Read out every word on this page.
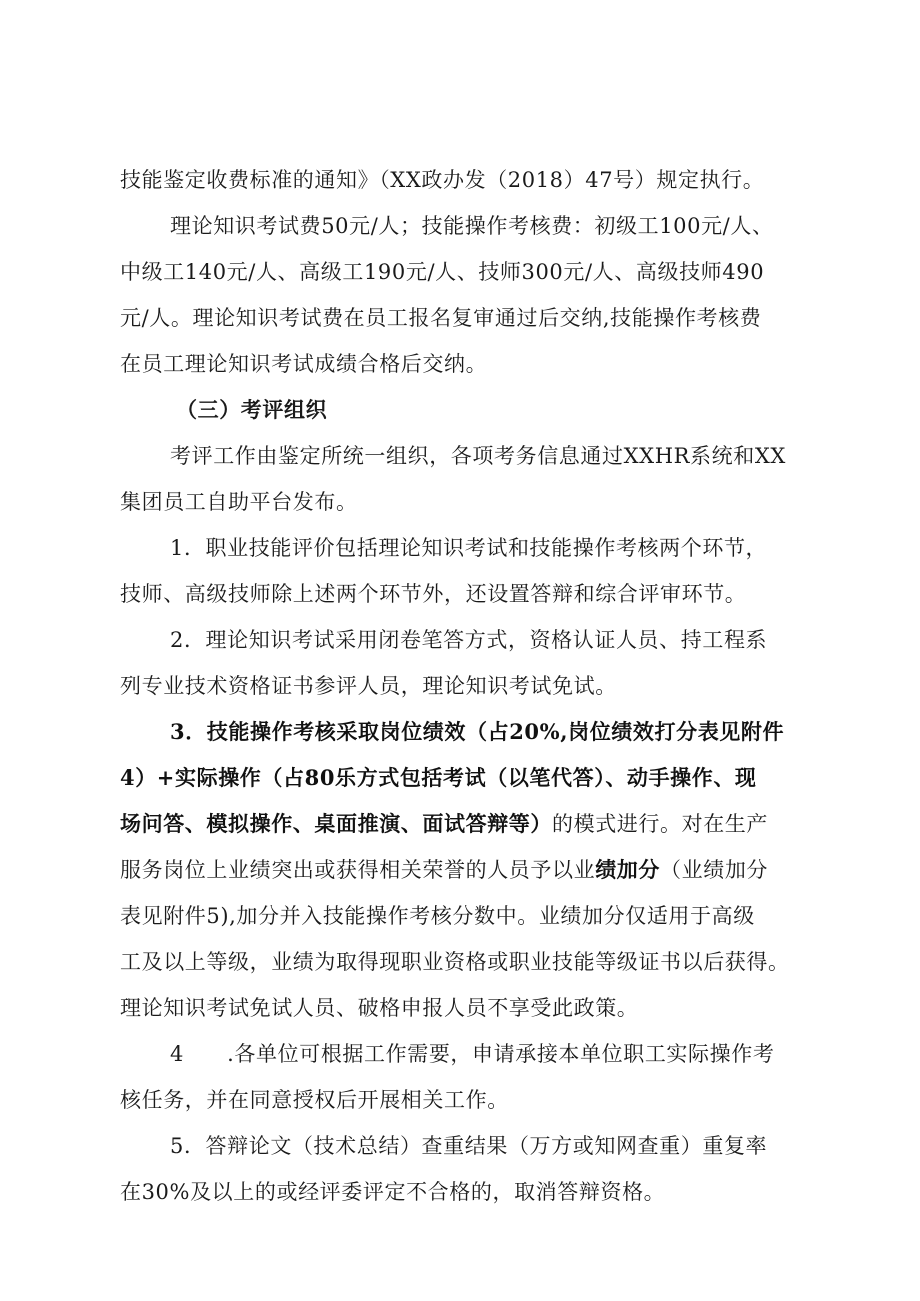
技能鉴定收费标准的通知》（XX政办发（2018）47号）规定执行。
理论知识考试费50元/人；技能操作考核费：初级工100元/人、
中级工140元/人、高级工190元/人、技师300元/人、高级技师490
元/人。理论知识考试费在员工报名复审通过后交纳,技能操作考核费
在员工理论知识考试成绩合格后交纳。
（三）考评组织
考评工作由鉴定所统一组织，各项考务信息通过XXHR系统和XX
集团员工自助平台发布。
1．职业技能评价包括理论知识考试和技能操作考核两个环节，
技师、高级技师除上述两个环节外，还设置答辩和综合评审环节。
2．理论知识考试采用闭卷笔答方式，资格认证人员、持工程系
列专业技术资格证书参评人员，理论知识考试免试。
3．技能操作考核采取岗位绩效（占20%,岗位绩效打分表见附件
4）+实际操作（占80乐方式包括考试（以笔代答）、动手操作、现
场问答、模拟操作、桌面推演、面试答辩等）的模式进行。对在生产
服务岗位上业绩突出或获得相关荣誉的人员予以业绩加分（业绩加分
表见附件5),加分并入技能操作考核分数中。业绩加分仅适用于高级
工及以上等级，业绩为取得现职业资格或职业技能等级证书以后获得。
理论知识考试免试人员、破格申报人员不享受此政策。
4　　.各单位可根据工作需要，申请承接本单位职工实际操作考
核任务，并在同意授权后开展相关工作。
5．答辩论文（技术总结）查重结果（万方或知网查重）重复率
在30%及以上的或经评委评定不合格的，取消答辩资格。
